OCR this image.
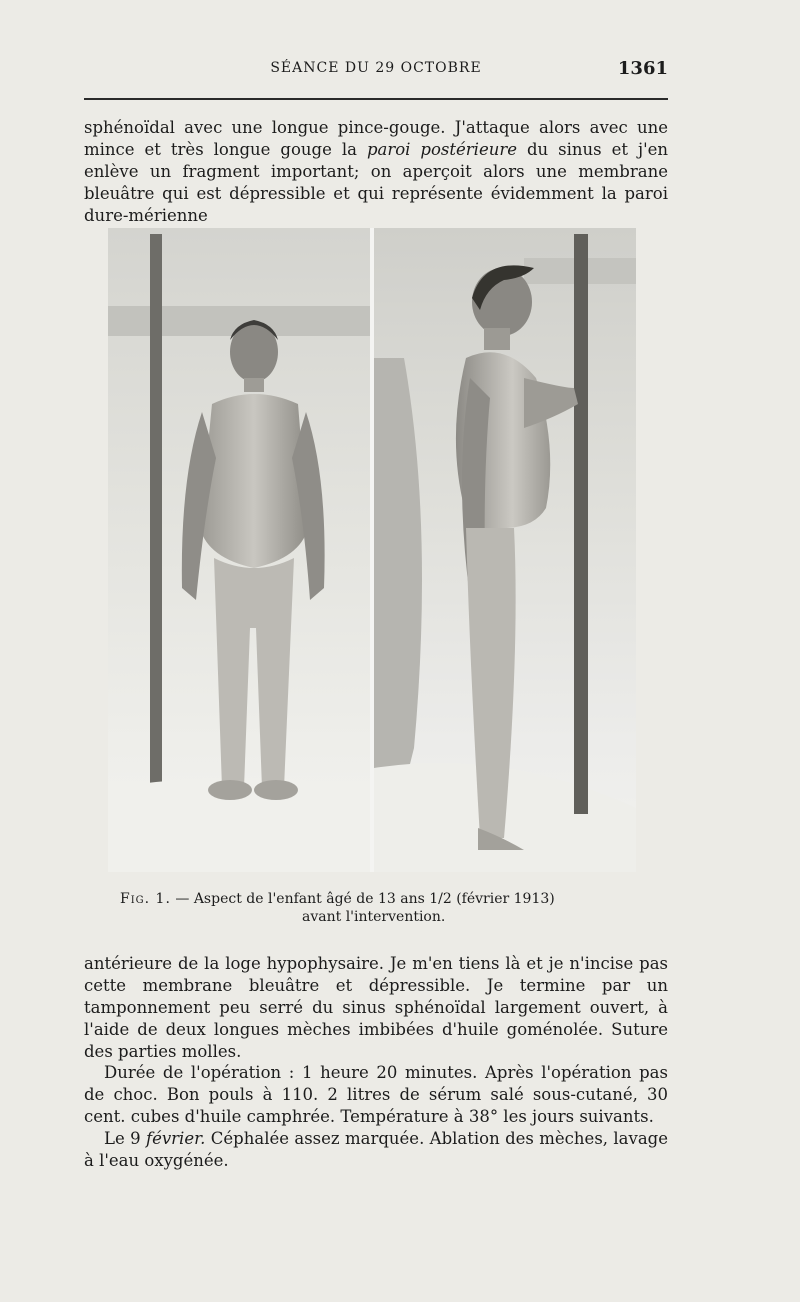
SÉANCE DU 29 OCTOBRE	1361

sphénoïdal avec une longue pince-gouge. J'attaque alors avec une mince et très longue gouge la paroi postérieure du sinus et j'en enlève un fragment important; on aperçoit alors une membrane bleuâtre qui est dépressible et qui représente évidemment la paroi dure-mérienne

Fig. 1. — Aspect de l'enfant âgé de 13 ans 1/2 (février 1913)
avant l'intervention.

antérieure de la loge hypophysaire. Je m'en tiens là et je n'incise pas cette membrane bleuâtre et dépressible. Je termine par un tamponnement peu serré du sinus sphénoïdal largement ouvert, à l'aide de deux longues mèches imbibées d'huile goménolée. Suture des parties molles.

Durée de l'opération : 1 heure 20 minutes. Après l'opération pas de choc. Bon pouls à 110. 2 litres de sérum salé sous-cutané, 30 cent. cubes d'huile camphrée. Température à 38° les jours suivants.

Le 9 février. Céphalée assez marquée. Ablation des mèches, lavage à l'eau oxygénée.
